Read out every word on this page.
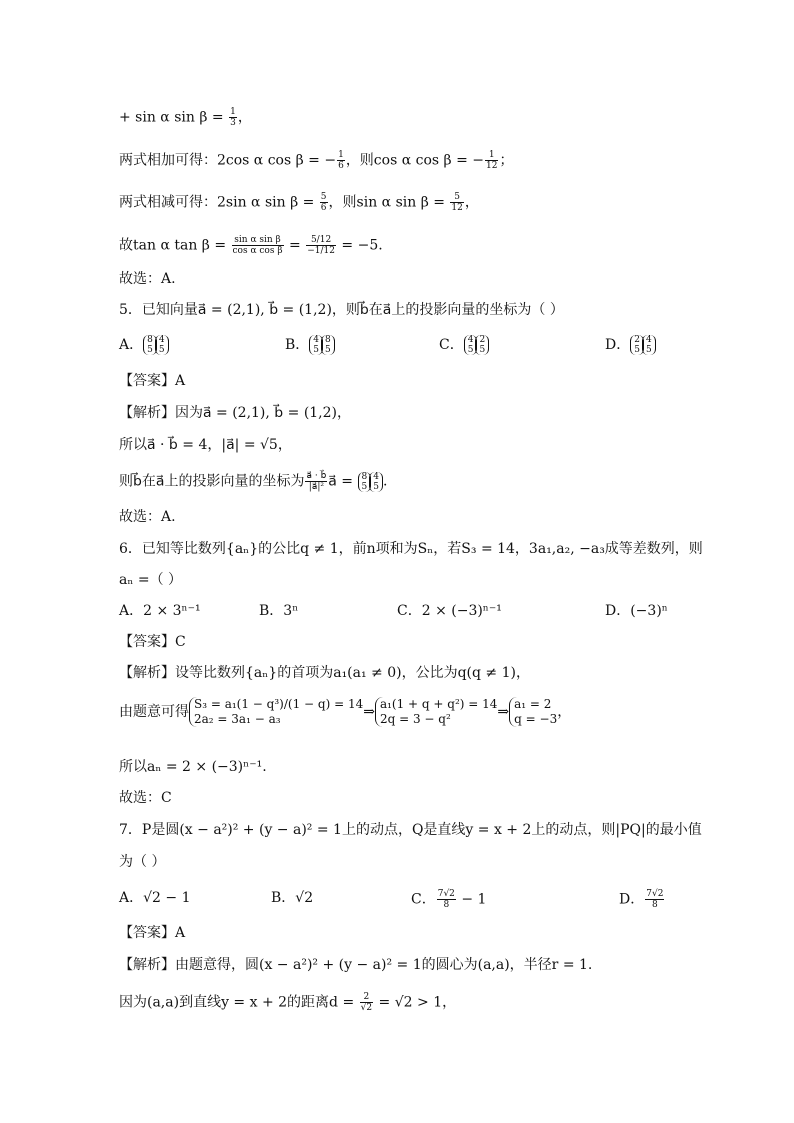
+ sin α $\sin \beta = \frac{1}{3}$ ，
两式相加可得：2cos α cos β = − $\frac{1}{6}$ ，则cos α cos β = − $\frac{1}{12}$ ；
两式相减可得：2sin α $\sin \beta = \frac{5}{6}$ ，则sin α $\sin \beta = \frac{5}{12}$ ，
故tan α $\tan \beta = \frac{\text{sin α sin β}}{\text{cos α cos β}} = \frac{5/12}{-1/12} = -5$.
故选：A.
5．已知向量a⃗ = (2,1), b⃗ = (1,2)，则b⃗在a⃗上的投影向量的坐标为（ ）
A． 8
5
4
5	B． 4
5
8
5	C． 4
5
2
5	D． 2
5
4
5
【答案】A
【解析】因为a⃗ = (2,1), b⃗ = (1,2)，
所以a⃗ · b⃗ = 4，|a⃗| = √5，
则b⃗在a⃗上的投影向量的坐标为 $\frac{a⃗ \cdot b⃗}{\text{|a⃗|²}}$ a⃗ = 8
5
4
5 .
故选：A.
6．已知等比数列{aₙ}的公比q ≠ 1，前n项和为Sₙ，若S₃ = 14，3a₁,a₂, −a₃成等差数列，则
aₙ =（ ）
A．2 × 3ⁿ⁻¹	B．3ⁿ	C．2 × (−3)ⁿ⁻¹	D．(−3)ⁿ
【答案】C
【解析】设等比数列{aₙ}的首项为a₁(a₁ ≠ 0)，公比为q(q ≠ 1)，
由题意可得 S₃ = a₁(1 − q³)/(1 − q) = 14
2a₂ = 3a₁ − a₃	⇒ a₁(1 + q + q²) = 14
2q = 3 − q²	⇒ a₁ = 2
q = −3 ，
所以aₙ = 2 × (−3)ⁿ⁻¹.
故选：C
7．P是圆(x − a²)² + (y − a)² = 1上的动点，Q是直线y = x + 2上的动点，则|PQ|的最小值
为（ ）
A．√2 − 1	B．√2	C． $\frac{7√2}{8} - 1$	D． $\frac{7√2}{8}$
【答案】A
【解析】由题意得，圆(x − a²)² + (y − a)² = 1的圆心为(a,a)，半径r = 1.
因为(a,a)到直线y = x + 2的距离$d = \frac{2}{√2} = √2 > 1$，
